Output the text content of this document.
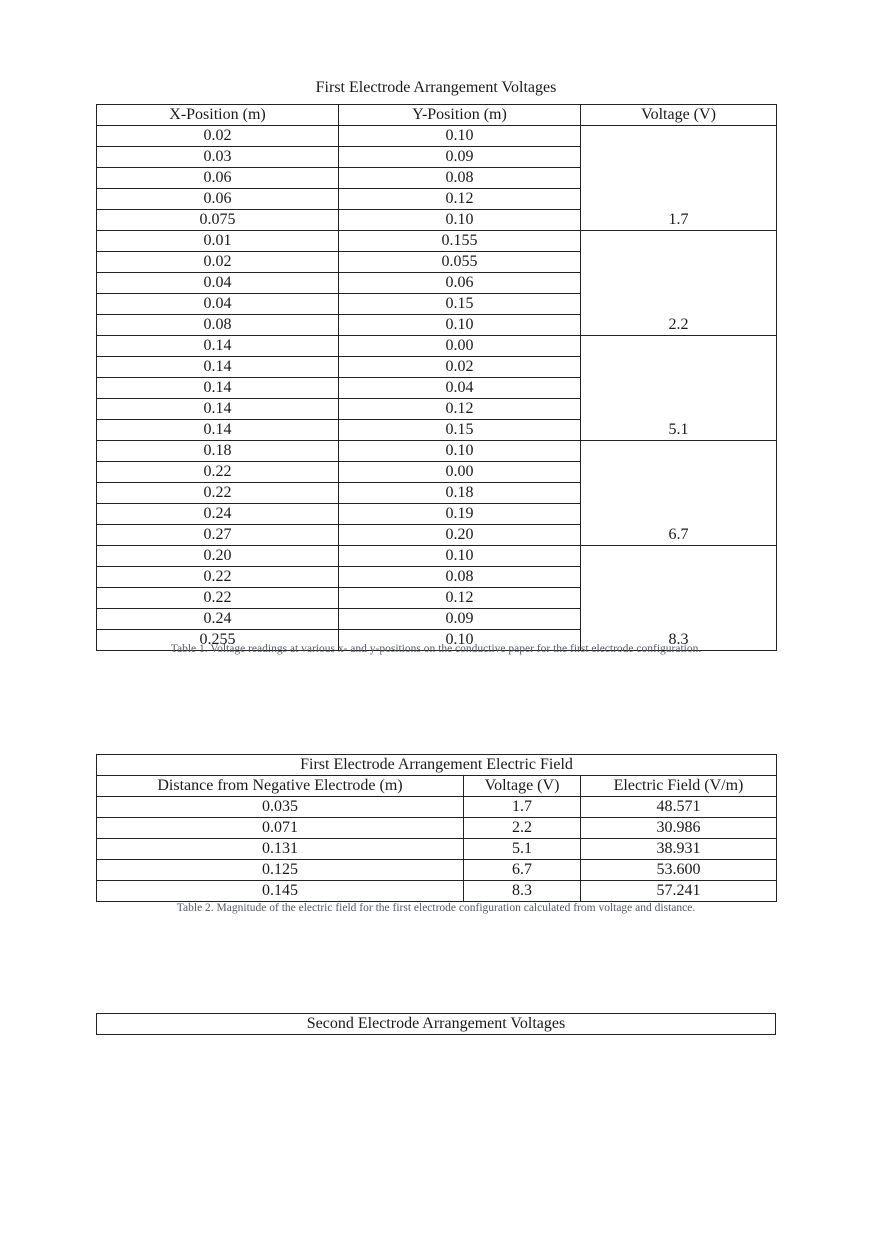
First Electrode Arrangement Voltages
X-Position (m)	Y-Position (m)	Voltage (V)
0.02	0.10	1.7
0.03	0.09	
0.06	0.08	
0.06	0.12	
0.075	0.10	
0.01	0.155	2.2
0.02	0.055	
0.04	0.06	
0.04	0.15	
0.08	0.10	
0.14	0.00	5.1
0.14	0.02	
0.14	0.04	
0.14	0.12	
0.14	0.15	
0.18	0.10	6.7
0.22	0.00	
0.22	0.18	
0.24	0.19	
0.27	0.20	
0.20	0.10	8.3
0.22	0.08	
0.22	0.12	
0.24	0.09	
0.255	0.10	
Table 1. Voltage readings at various x- and y-positions on the conductive paper for the first electrode configuration.
First Electrode Arrangement Electric Field		
Distance from Negative Electrode (m)	Voltage (V)	Electric Field (V/m)
0.035	1.7	48.571
0.071	2.2	30.986
0.131	5.1	38.931
0.125	6.7	53.600
0.145	8.3	57.241
Table 2. Magnitude of the electric field for the first electrode configuration calculated from voltage and distance.
Second Electrode Arrangement Voltages
